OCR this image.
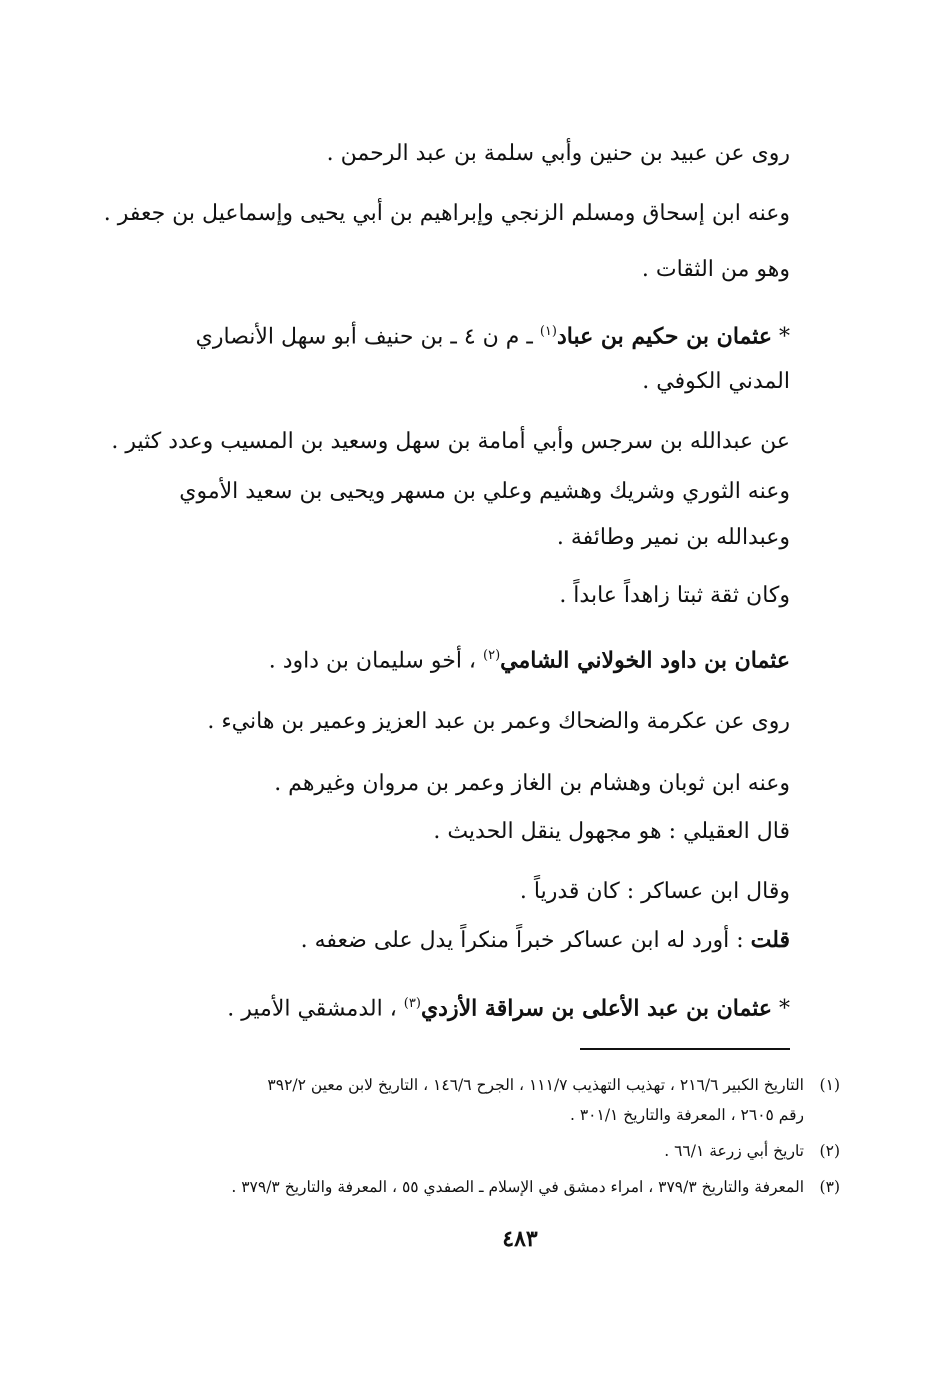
روى عن عبيد بن حنين وأبي سلمة بن عبد الرحمن .
وعنه ابن إسحاق ومسلم الزنجي وإبراهيم بن أبي يحيى وإسماعيل بن جعفر .
وهو من الثقات .
* عثمان بن حكيم بن عباد$^{(١)}$ ـ م ن ٤ ـ بن حنيف أبو سهل الأنصاري
المدني الكوفي .
عن عبدالله بن سرجس وأبي أمامة بن سهل وسعيد بن المسيب وعدد كثير .
وعنه الثوري وشريك وهشيم وعلي بن مسهر ويحيى بن سعيد الأموي
وعبدالله بن نمير وطائفة .
وكان ثقة ثبتا زاهداً عابداً .
عثمان بن داود الخولاني الشامي$^{(٢)}$ ، أخو سليمان بن داود .
روى عن عكرمة والضحاك وعمر بن عبد العزيز وعمير بن هانيء .
وعنه ابن ثوبان وهشام بن الغاز وعمر بن مروان وغيرهم .
قال العقيلي : هو مجهول ينقل الحديث .
وقال ابن عساكر : كان قدرياً .
قلت : أورد له ابن عساكر خبراً منكراً يدل على ضعفه .
* عثمان بن عبد الأعلى بن سراقة الأزدي$^{(٣)}$ ، الدمشقي الأمير .
(١)التاريخ الكبير ٢١٦/٦ ، تهذيب التهذيب ١١١/٧ ، الجرح ١٤٦/٦ ، التاريخ لابن معين ٣٩٢/٢
رقم ٢٦٠٥ ، المعرفة والتاريخ ٣٠١/١ .
(٢)تاريخ أبي زرعة ٦٦/١ .
(٣)المعرفة والتاريخ ٣٧٩/٣ ، امراء دمشق في الإسلام ـ الصفدي ٥٥ ، المعرفة والتاريخ ٣٧٩/٣ .
٤٨٣
